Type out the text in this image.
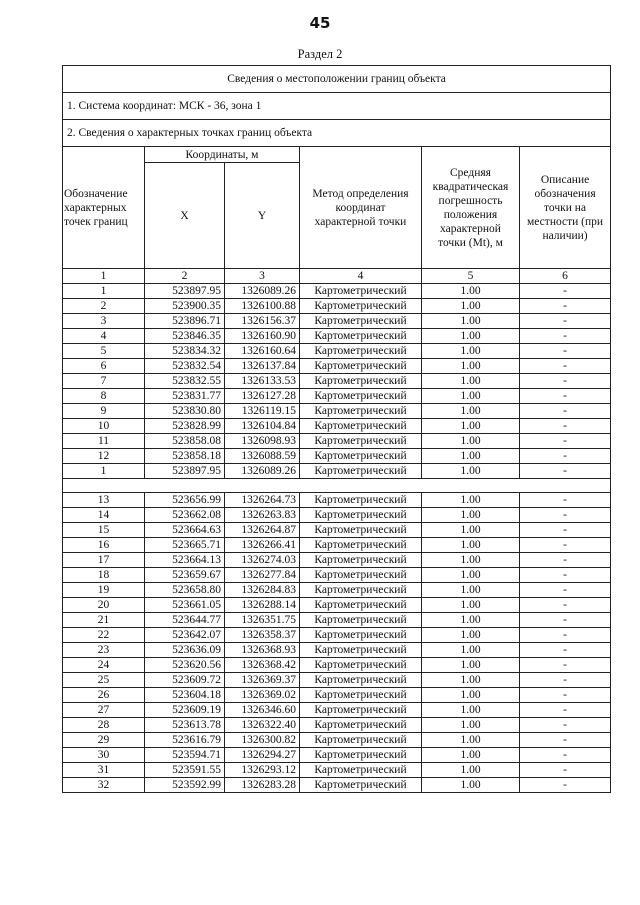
45
Раздел 2
Сведения о местоположении границ объекта					
1. Система координат: МСК - 36, зона 1					
2. Сведения о характерных точках границ объекта					
Обозначение характерных точек границ	Координаты, м		Метод определения координат характерной точки	Средняя квадратическая погрешность положения характерной точки (Mt), м	Описание обозначения точки на местности (при наличии)
	X	Y			
1	2	3	4	5	6
1	523897.95	1326089.26	Картометрический	1.00	-
2	523900.35	1326100.88	Картометрический	1.00	-
3	523896.71	1326156.37	Картометрический	1.00	-
4	523846.35	1326160.90	Картометрический	1.00	-
5	523834.32	1326160.64	Картометрический	1.00	-
6	523832.54	1326137.84	Картометрический	1.00	-
7	523832.55	1326133.53	Картометрический	1.00	-
8	523831.77	1326127.28	Картометрический	1.00	-
9	523830.80	1326119.15	Картометрический	1.00	-
10	523828.99	1326104.84	Картометрический	1.00	-
11	523858.08	1326098.93	Картометрический	1.00	-
12	523858.18	1326088.59	Картометрический	1.00	-
1	523897.95	1326089.26	Картометрический	1.00	-

13	523656.99	1326264.73	Картометрический	1.00	-
14	523662.08	1326263.83	Картометрический	1.00	-
15	523664.63	1326264.87	Картометрический	1.00	-
16	523665.71	1326266.41	Картометрический	1.00	-
17	523664.13	1326274.03	Картометрический	1.00	-
18	523659.67	1326277.84	Картометрический	1.00	-
19	523658.80	1326284.83	Картометрический	1.00	-
20	523661.05	1326288.14	Картометрический	1.00	-
21	523644.77	1326351.75	Картометрический	1.00	-
22	523642.07	1326358.37	Картометрический	1.00	-
23	523636.09	1326368.93	Картометрический	1.00	-
24	523620.56	1326368.42	Картометрический	1.00	-
25	523609.72	1326369.37	Картометрический	1.00	-
26	523604.18	1326369.02	Картометрический	1.00	-
27	523609.19	1326346.60	Картометрический	1.00	-
28	523613.78	1326322.40	Картометрический	1.00	-
29	523616.79	1326300.82	Картометрический	1.00	-
30	523594.71	1326294.27	Картометрический	1.00	-
31	523591.55	1326293.12	Картометрический	1.00	-
32	523592.99	1326283.28	Картометрический	1.00	-
